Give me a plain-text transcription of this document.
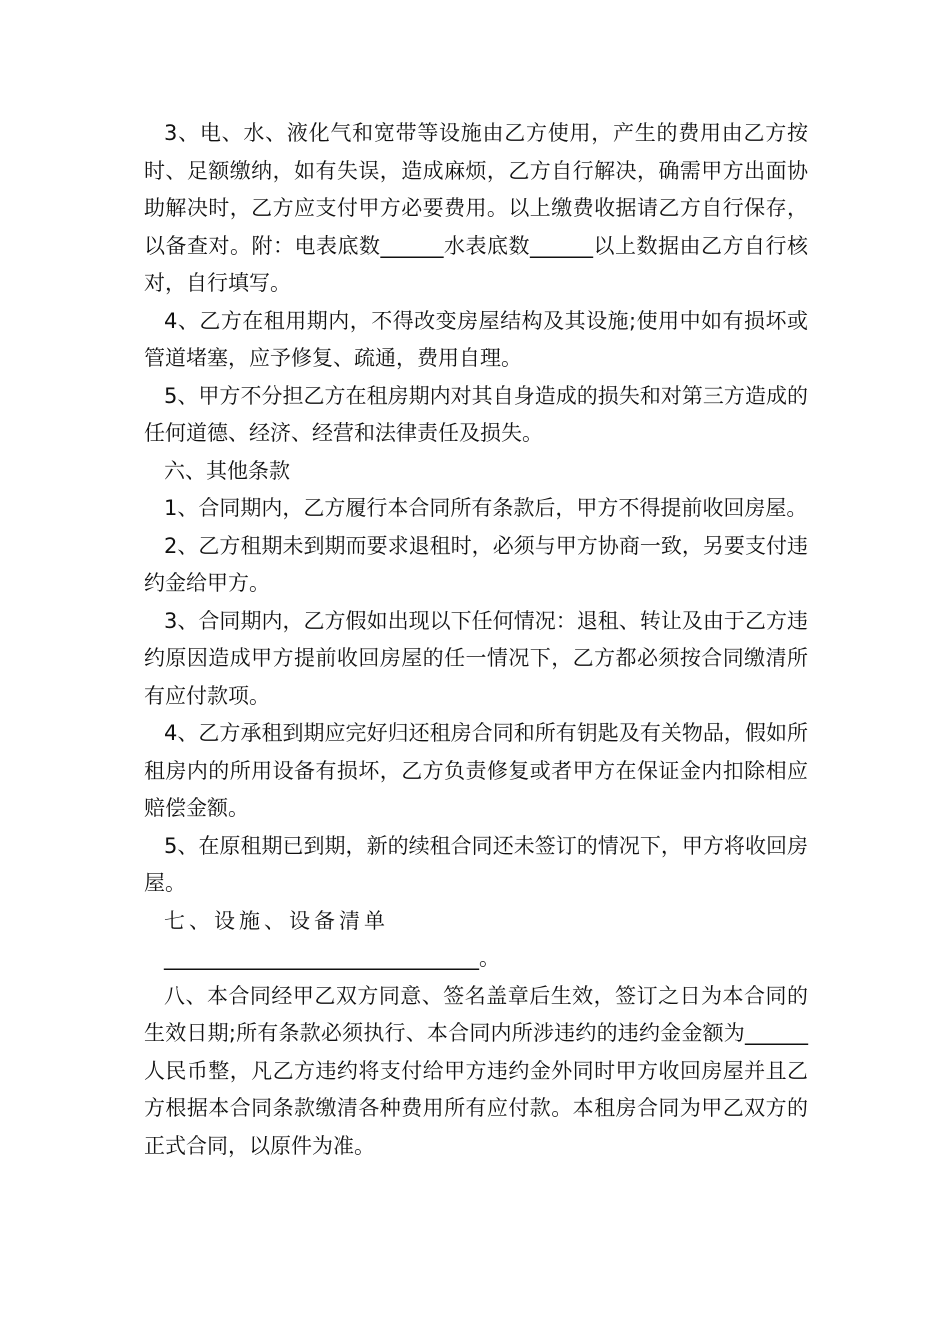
3、电、水、液化气和宽带等设施由乙方使用，产生的费用由乙方按时、足额缴纳，如有失误，造成麻烦，乙方自行解决，确需甲方出面协助解决时，乙方应支付甲方必要费用。以上缴费收据请乙方自行保存，以备查对。附：电表底数______水表底数______以上数据由乙方自行核对，自行填写。

4、乙方在租用期内，不得改变房屋结构及其设施;使用中如有损坏或管道堵塞，应予修复、疏通，费用自理。

5、甲方不分担乙方在租房期内对其自身造成的损失和对第三方造成的任何道德、经济、经营和法律责任及损失。

六、其他条款

1、合同期内，乙方履行本合同所有条款后，甲方不得提前收回房屋。

2、乙方租期未到期而要求退租时，必须与甲方协商一致，另要支付违约金给甲方。

3、合同期内，乙方假如出现以下任何情况：退租、转让及由于乙方违约原因造成甲方提前收回房屋的任一情况下，乙方都必须按合同缴清所有应付款项。

4、乙方承租到期应完好归还租房合同和所有钥匙及有关物品，假如所租房内的所用设备有损坏，乙方负责修复或者甲方在保证金内扣除相应赔偿金额。

5、在原租期已到期，新的续租合同还未签订的情况下，甲方将收回房屋。

七、设施、设备清单

______________________________。

八、本合同经甲乙双方同意、签名盖章后生效，签订之日为本合同的生效日期;所有条款必须执行、本合同内所涉违约的违约金金额为______人民币整，凡乙方违约将支付给甲方违约金外同时甲方收回房屋并且乙方根据本合同条款缴清各种费用所有应付款。本租房合同为甲乙双方的正式合同，以原件为准。
